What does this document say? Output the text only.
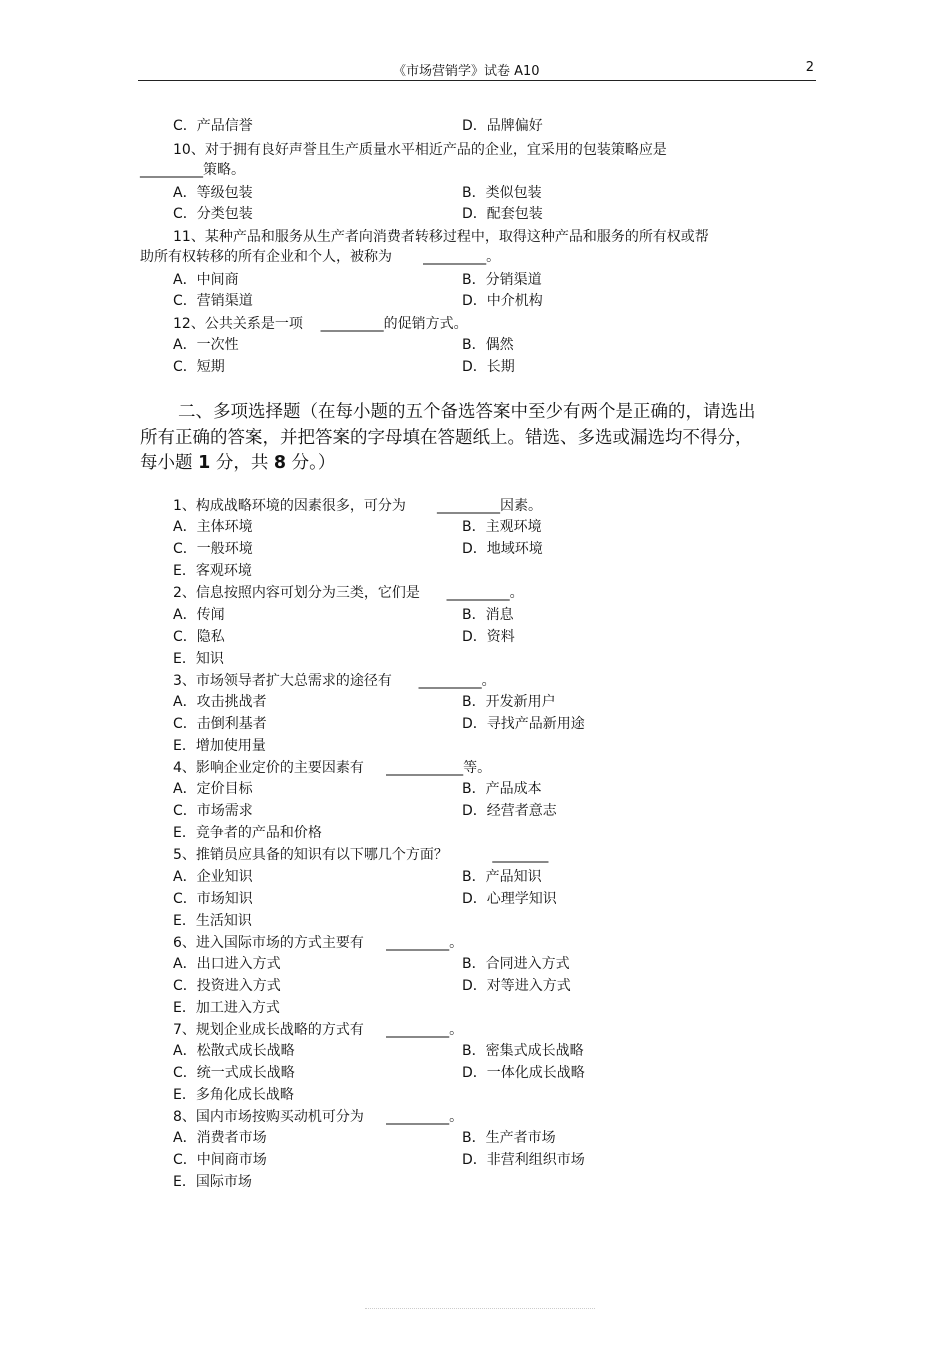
《市场营销学》试卷 A10	2
C．产品信誉	D．品牌偏好
10、对于拥有良好声誉且生产质量水平相近产品的企业，宜采用的包装策略应是
_________策略。
A．等级包装	B．类似包装
C．分类包装	D．配套包装
11、某种产品和服务从生产者向消费者转移过程中，取得这种产品和服务的所有权或帮
助所有权转移的所有企业和个人，被称为       _________。
A．中间商	B．分销渠道
C．营销渠道	D．中介机构
12、公共关系是一项    _________的促销方式。
A．一次性	B．偶然
C．短期	D．长期
1、构成战略环境的因素很多，可分为       _________因素。
A．主体环境	B．主观环境
C．一般环境	D．地域环境
E．客观环境
2、信息按照内容可划分为三类，它们是      _________。
A．传闻	B．消息
C．隐私	D．资料
E．知识
3、市场领导者扩大总需求的途径有      _________。
A．攻击挑战者	B．开发新用户
C．击倒利基者	D．寻找产品新用途
E．增加使用量
4、影响企业定价的主要因素有     ___________等。
A．定价目标	B．产品成本
C．市场需求	D．经营者意志
E．竞争者的产品和价格
5、推销员应具备的知识有以下哪几个方面？          ________
A．企业知识	B．产品知识
C．市场知识	D．心理学知识
E．生活知识
6、进入国际市场的方式主要有     _________。
A．出口进入方式	B．合同进入方式
C．投资进入方式	D．对等进入方式
E．加工进入方式
7、规划企业成长战略的方式有     _________。
A．松散式成长战略	B．密集式成长战略
C．统一式成长战略	D．一体化成长战略
E．多角化成长战略
8、国内市场按购买动机可分为     _________。
A．消费者市场	B．生产者市场
C．中间商市场	D．非营利组织市场
E．国际市场
二、多项选择题（在每小题的五个备选答案中至少有两个是正确的，请选出
所有正确的答案，并把答案的字母填在答题纸上。错选、多选或漏选均不得分，
每小题 1 分，共 8 分。）
